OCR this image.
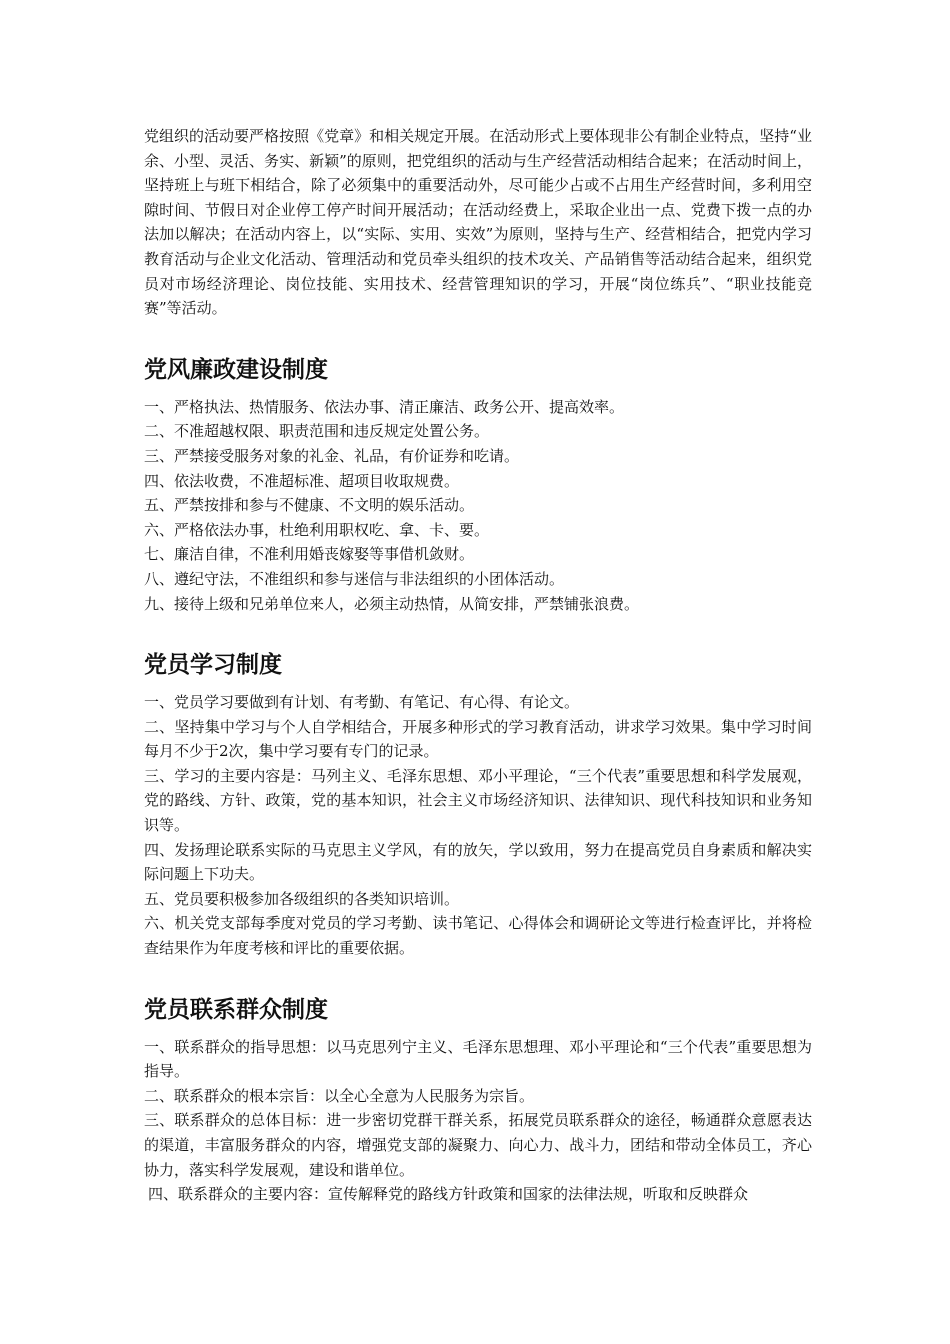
党组织的活动要严格按照《党章》和相关规定开展。在活动形式上要体现非公有制企业特点，坚持“业余、小型、灵活、务实、新颖”的原则，把党组织的活动与生产经营活动相结合起来；在活动时间上，坚持班上与班下相结合，除了必须集中的重要活动外，尽可能少占或不占用生产经营时间，多利用空隙时间、节假日对企业停工停产时间开展活动；在活动经费上，采取企业出一点、党费下拨一点的办法加以解决；在活动内容上，以“实际、实用、实效”为原则，坚持与生产、经营相结合，把党内学习教育活动与企业文化活动、管理活动和党员牵头组织的技术攻关、产品销售等活动结合起来，组织党员对市场经济理论、岗位技能、实用技术、经营管理知识的学习，开展“岗位练兵”、“职业技能竞赛”等活动。

党风廉政建设制度

一、严格执法、热情服务、依法办事、清正廉洁、政务公开、提高效率。

二、不准超越权限、职责范围和违反规定处置公务。

三、严禁接受服务对象的礼金、礼品，有价证券和吃请。

四、依法收费，不准超标准、超项目收取规费。

五、严禁按排和参与不健康、不文明的娱乐活动。

六、严格依法办事，杜绝利用职权吃、拿、卡、要。

七、廉洁自律，不准利用婚丧嫁娶等事借机敛财。

八、遵纪守法，不准组织和参与迷信与非法组织的小团体活动。

九、接待上级和兄弟单位来人，必须主动热情，从简安排，严禁铺张浪费。

党员学习制度

一、党员学习要做到有计划、有考勤、有笔记、有心得、有论文。

二、坚持集中学习与个人自学相结合，开展多种形式的学习教育活动，讲求学习效果。集中学习时间每月不少于2次，集中学习要有专门的记录。

三、学习的主要内容是：马列主义、毛泽东思想、邓小平理论，“三个代表”重要思想和科学发展观，党的路线、方针、政策，党的基本知识，社会主义市场经济知识、法律知识、现代科技知识和业务知识等。

四、发扬理论联系实际的马克思主义学风，有的放矢，学以致用，努力在提高党员自身素质和解决实际问题上下功夫。

五、党员要积极参加各级组织的各类知识培训。

六、机关党支部每季度对党员的学习考勤、读书笔记、心得体会和调研论文等进行检查评比，并将检查结果作为年度考核和评比的重要依据。

党员联系群众制度

一、联系群众的指导思想：以马克思列宁主义、毛泽东思想理、邓小平理论和“三个代表”重要思想为指导。

二、联系群众的根本宗旨：以全心全意为人民服务为宗旨。

三、联系群众的总体目标：进一步密切党群干群关系，拓展党员联系群众的途径，畅通群众意愿表达的渠道，丰富服务群众的内容，增强党支部的凝聚力、向心力、战斗力，团结和带动全体员工，齐心协力，落实科学发展观，建设和谐单位。

四、联系群众的主要内容：宣传解释党的路线方针政策和国家的法律法规，听取和反映群众
